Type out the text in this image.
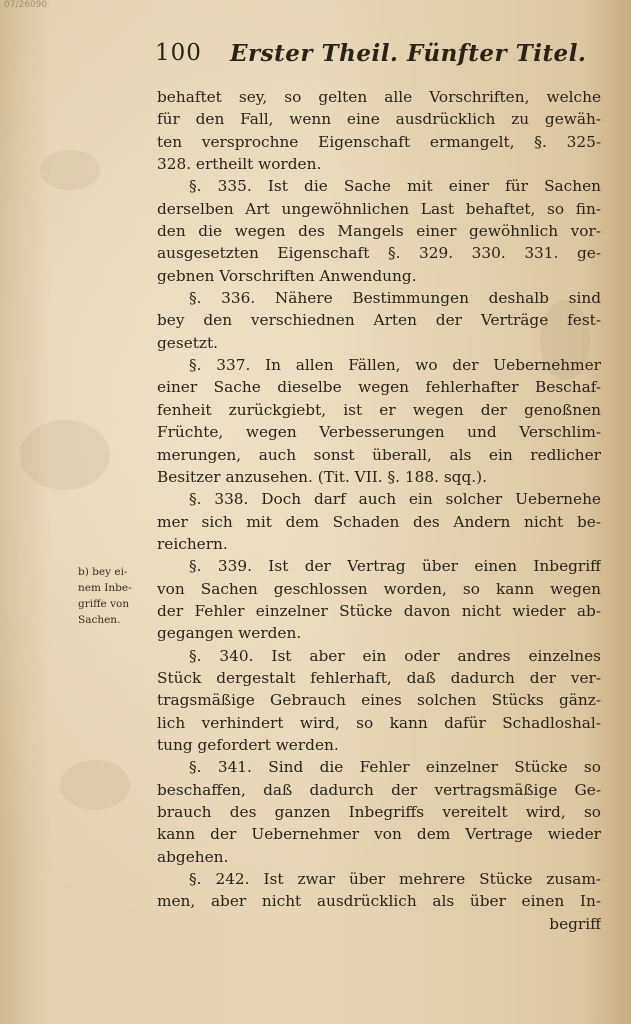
07/26090
100 Erster Theil. Fünfter Titel.
b) bey ei-
nem Inbe-
griffe von
Sachen.
behaftet sey, so gelten alle Vorschriften, welche
für den Fall, wenn eine ausdrücklich zu gewäh-
ten versprochne Eigenschaft ermangelt, §. 325-
328. ertheilt worden.
§. 335. Ist die Sache mit einer für Sachen
derselben Art ungewöhnlichen Last behaftet, so fin-
den die wegen des Mangels einer gewöhnlich vor-
ausgesetzten Eigenschaft §. 329. 330. 331. ge-
gebnen Vorschriften Anwendung.
§. 336. Nähere Bestimmungen deshalb sind
bey den verschiednen Arten der Verträge fest-
gesetzt.
§. 337. In allen Fällen, wo der Uebernehmer
einer Sache dieselbe wegen fehlerhafter Beschaf-
fenheit zurückgiebt, ist er wegen der genoßnen
Früchte, wegen Verbesserungen und Verschlim-
merungen, auch sonst überall, als ein redlicher
Besitzer anzusehen. (Tit. VII. §. 188. sqq.).
§. 338. Doch darf auch ein solcher Uebernehe
mer sich mit dem Schaden des Andern nicht be-
reichern.
§. 339. Ist der Vertrag über einen Inbegriff
von Sachen geschlossen worden, so kann wegen
der Fehler einzelner Stücke davon nicht wieder ab-
gegangen werden.
§. 340. Ist aber ein oder andres einzelnes
Stück dergestalt fehlerhaft, daß dadurch der ver-
tragsmäßige Gebrauch eines solchen Stücks gänz-
lich verhindert wird, so kann dafür Schadloshal-
tung gefordert werden.
§. 341. Sind die Fehler einzelner Stücke so
beschaffen, daß dadurch der vertragsmäßige Ge-
brauch des ganzen Inbegriffs vereitelt wird, so
kann der Uebernehmer von dem Vertrage wieder
abgehen.
§. 242. Ist zwar über mehrere Stücke zusam-
men, aber nicht ausdrücklich als über einen In-
begriff
